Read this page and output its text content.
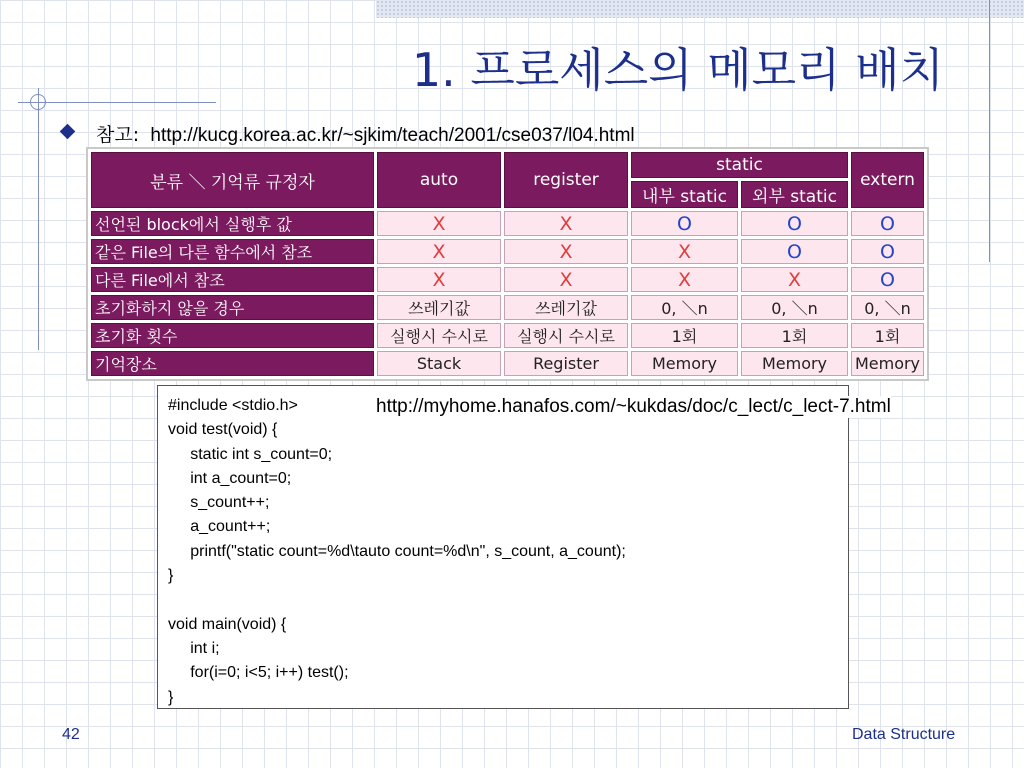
1. 프로세스의 메모리 배치
참고: http://kucg.korea.ac.kr/~sjkim/teach/2001/cse037/l04.html
분류 ＼ 기억류 규정자	auto	register	static		extern
			내부 static	외부 static	
선언된 block에서 실행후 값	X	X	O	O	O
같은 File의 다른 함수에서 참조	X	X	X	O	O
다른 File에서 참조	X	X	X	X	O
초기화하지 않을 경우	쓰레기값	쓰레기값	0, ＼n	0, ＼n	0, ＼n
초기화 횟수	실행시 수시로	실행시 수시로	1회	1회	1회
기억장소	Stack	Register	Memory	Memory	Memory
#include <stdio.h>
void test(void) {
static int s_count=0;
int a_count=0;
s_count++;
a_count++;
printf("static count=%d\tauto count=%d\n", s_count, a_count);
}

void main(void) {
int i;
for(i=0; i<5; i++) test();
}
http://myhome.hanafos.com/~kukdas/doc/c_lect/c_lect-7.html
42	Data Structure
